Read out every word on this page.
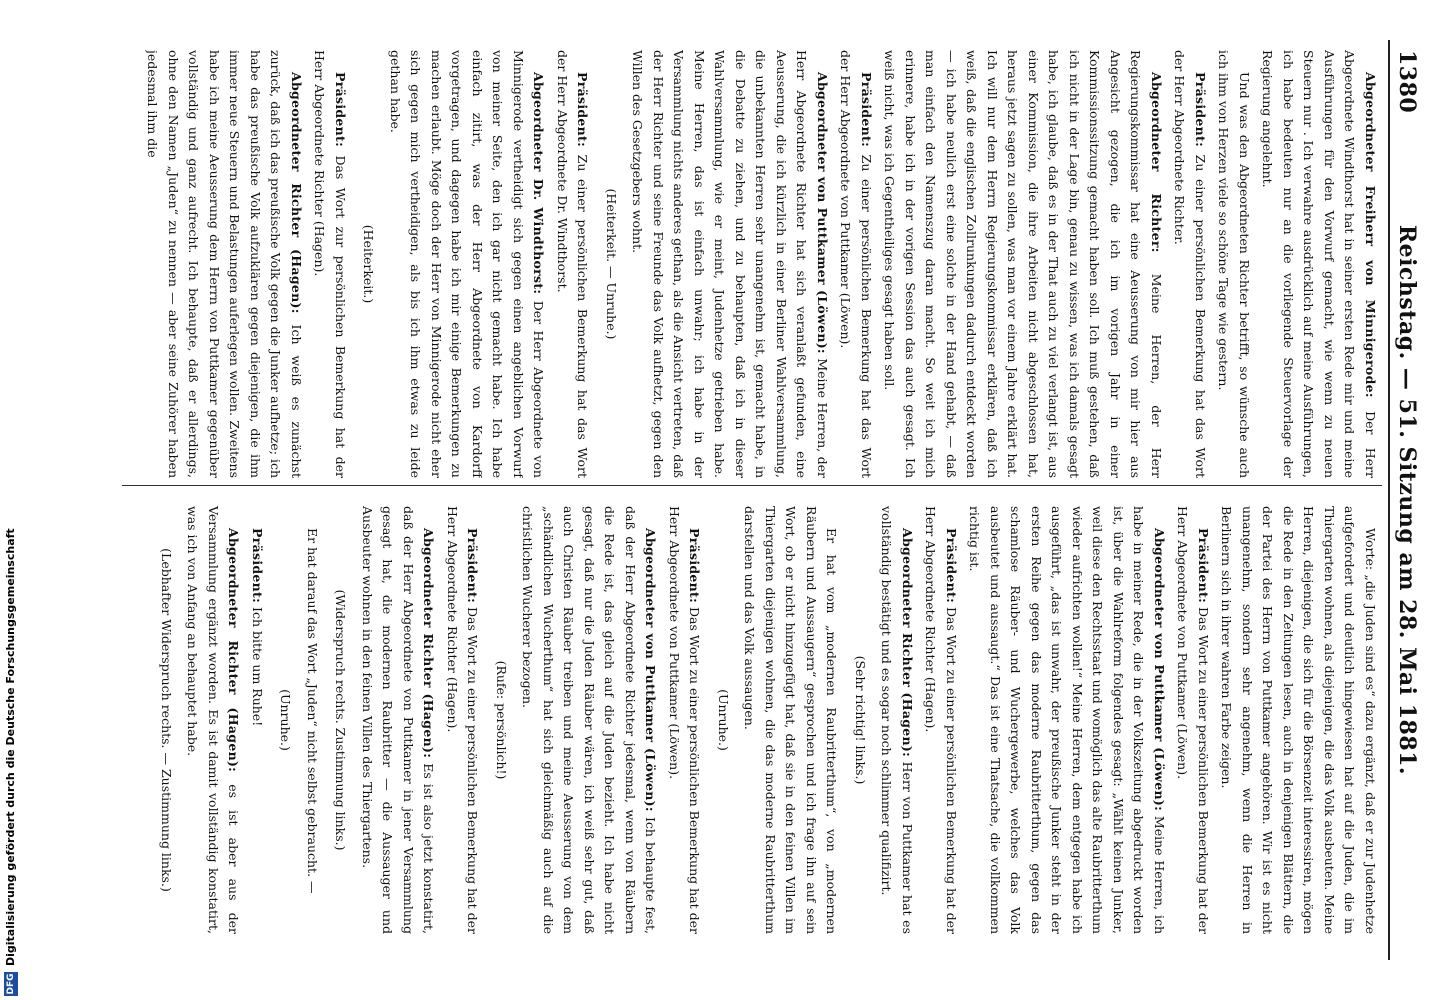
1380
Reichstag. — 51. Sitzung am 28. Mai 1881.

Abgeordneter Freiherr von Minnigerode: Der Herr Abgeordnete Windthorst hat in seiner ersten Rede mir und meine Ausführungen für den Vorwurf gemacht, wie wenn zu neuen Steuern nur . Ich verwahre ausdrücklich auf meine Ausführungen, ich habe bedeuten nur an die vorliegende Steuervorlage der Regierung angelehnt.

Und was den Abgeordneten Richter betrifft, so wünsche auch ich ihm von Herzen viele so schöne Tage wie gestern.

Präsident: Zu einer persönlichen Bemerkung hat das Wort der Herr Abgeordnete Richter.

Abgeordneter Richter: Meine Herren, der Herr Regierungskommissar hat eine Aeusserung von mir hier aus Angesicht gezogen, die ich im vorigen Jahr in einer Kommissionssitzung gemacht haben soll. Ich muß gestehen, daß ich nicht in der Lage bin, genau zu wissen, was ich damals gesagt habe, ich glaube, daß es in der That auch zu viel verlangt ist, aus einer Kommission, die ihre Arbeiten nicht abgeschlossen hat, heraus jetzt sagen zu sollen, was man vor einem Jahre erklärt hat. Ich will nur dem Herrn Regierungskommissar erklären, daß ich weiß, daß die englischen Zollrunkungen dadurch entdeckt worden — ich habe neulich erst eine solche in der Hand gehabt, — daß man einfach den Namenszug daran macht. So weit ich mich erinnere, habe ich in der vorigen Session das auch gesagt. Ich weiß nicht, was ich Gegentheiliges gesagt haben soll.

Präsident: Zu einer persönlichen Bemerkung hat das Wort der Herr Abgeordnete von Puttkamer (Löwen).

Abgeordneter von Puttkamer (Löwen): Meine Herren, der Herr Abgeordnete Richter hat sich veranlaßt gefunden, eine Aeusserung, die ich kürzlich in einer Berliner Wahlversammlung, die unbekannten Herren sehr unangenehm ist, gemacht habe, in die Debatte zu ziehen, und zu behaupten, daß ich in dieser Wahlversammlung, wie er meint, Judenhetze getrieben habe. Meine Herren, das ist einfach unwahr; ich habe in der Versammlung nichts anderes gethan, als die Ansicht vertreten, daß der Herr Richter und seine Freunde das Volk aufhetzt, gegen den Willen des Gesetzgebers wohnt.

(Heiterkeit. — Unruhe.)

Präsident: Zu einer persönlichen Bemerkung hat das Wort der Herr Abgeordnete Dr. Windthorst.

Abgeordneter Dr. Windthorst: Der Herr Abgeordnete von Minnigerode vertheidigt sich gegen einen angeblichen Vorwurf von meiner Seite, den ich gar nicht gemacht habe. Ich habe einfach zitirt, was der Herr Abgeordnete von Kardorff vorgetragen, und dagegen habe ich mir einige Bemerkungen zu machen erlaubt. Möge doch der Herr von Minnigerode nicht eher sich gegen mich vertheidigen, als bis ich ihm etwas zu leide gethan habe.

(Heiterkeit.)

Präsident: Das Wort zur persönlichen Bemerkung hat der Herr Abgeordnete Richter (Hagen).

Abgeordneter Richter (Hagen): Ich weiß es zunächst zurück, daß ich das preußische Volk gegen die Junker aufhetze; ich habe das preußische Volk aufzuklären gegen diejenigen, die ihm immer neue Steuern und Belastungen auferlegen wollen. Zweitens habe ich meine Aeusserung dem Herrn von Puttkamer gegenüber vollständig und ganz aufrecht. Ich behaupte, daß er allerdings, ohne den Namen „Juden“ zu nennen — aber seine Zuhörer haben jedesmal ihm die

Worte: „die Juden sind es“ dazu ergänzt, daß er zur Judenhetze aufgefordert und deutlich hingewiesen hat auf die Juden, die im Thiergarten wohnen, als diejenigen, die das Volk ausbeuten. Meine Herren, diejenigen, die sich für die Börsenzeit interessiren, mögen die Rede in den Zeitungen lesen, auch in denjenigen Blättern, die der Partei des Herrn von Puttkamer angehören. Wir ist es nicht unangenehm, sondern sehr angenehm, wenn die Herren in Berlinern sich in ihrer wahren Farbe zeigen.

Präsident: Das Wort zu einer persönlichen Bemerkung hat der Herr Abgeordnete von Puttkamer (Löwen).

Abgeordneter von Puttkamer (Löwen): Meine Herren, ich habe in meiner Rede, die in der Volkszeitung abgedruckt worden ist, über die Wahlreform folgendes gesagt: „Wählt keinen Junker, weil diese den Rechtsstaat und womöglich das alte Raubritterthum wieder aufrichten wollen!“ Meine Herren, dem entgegen habe ich ausgeführt, „das ist unwahr, der preußische Junker steht in der ersten Reihe gegen das moderne Raubritterthum, gegen das schamlose Räuber- und Wuchergewerbe, welches das Volk ausbeutet und aussaugt.“ Das ist eine Thatsache, die vollkommen richtig ist.

Präsident: Das Wort zu einer persönlichen Bemerkung hat der Herr Abgeordnete Richter (Hagen).

Abgeordneter Richter (Hagen): Herr von Puttkamer hat es vollständig bestätigt und es sogar noch schlimmer qualifizirt.

(Sehr richtig! links.)

Er hat vom „modernen Raubritterthum“, von „modernen Räubern und Aussaugern“ gesprochen und ich frage ihn auf sein Wort, ob er nicht hinzugefügt hat, daß sie in den feinen Villen im Thiergarten diejenigen wohnen, die das moderne Raubritterthum darstellen und das Volk aussaugen.

(Unruhe.)

Präsident: Das Wort zu einer persönlichen Bemerkung hat der Herr Abgeordnete von Puttkamer (Löwen).

Abgeordneter von Puttkamer (Löwen): Ich behaupte fest, daß der Herr Abgeordnete Richter jedesmal, wenn von Räubern die Rede ist, das gleich auf die Juden bezieht. Ich habe nicht gesagt, daß nur die Juden Räuber wären, ich weiß sehr gut, daß auch Christen Räuber treiben und meine Aeusserung von dem „schändlichen Wucherthum“ hat sich gleichmäßig auch auf die christlichen Wucherer bezogen.

(Rufe: persönlich!)

Präsident: Das Wort zu einer persönlichen Bemerkung hat der Herr Abgeordnete Richter (Hagen).

Abgeordneter Richter (Hagen): Es ist also jetzt konstatirt, daß der Herr Abgeordnete von Puttkamer in jener Versammlung gesagt hat, die modernen Raubritter — die Aussauger und Ausbeuter wohnen in den feinen Villen des Thiergartens.

(Widerspruch rechts. Zustimmung links.)

Er hat darauf das Wort „Juden“ nicht selbst gebraucht. —

(Unruhe.)

Präsident: Ich bitte um Ruhe!

Abgeordneter Richter (Hagen): es ist aber aus der Versammlung ergänzt worden. Es ist damit vollständig konstatirt, was ich von Anfang an behauptet habe.

(Lebhafter Widerspruch rechts. — Zustimmung links.)

DFG
Digitalisierung gefördert durch die Deutsche Forschungsgemeinschaft
